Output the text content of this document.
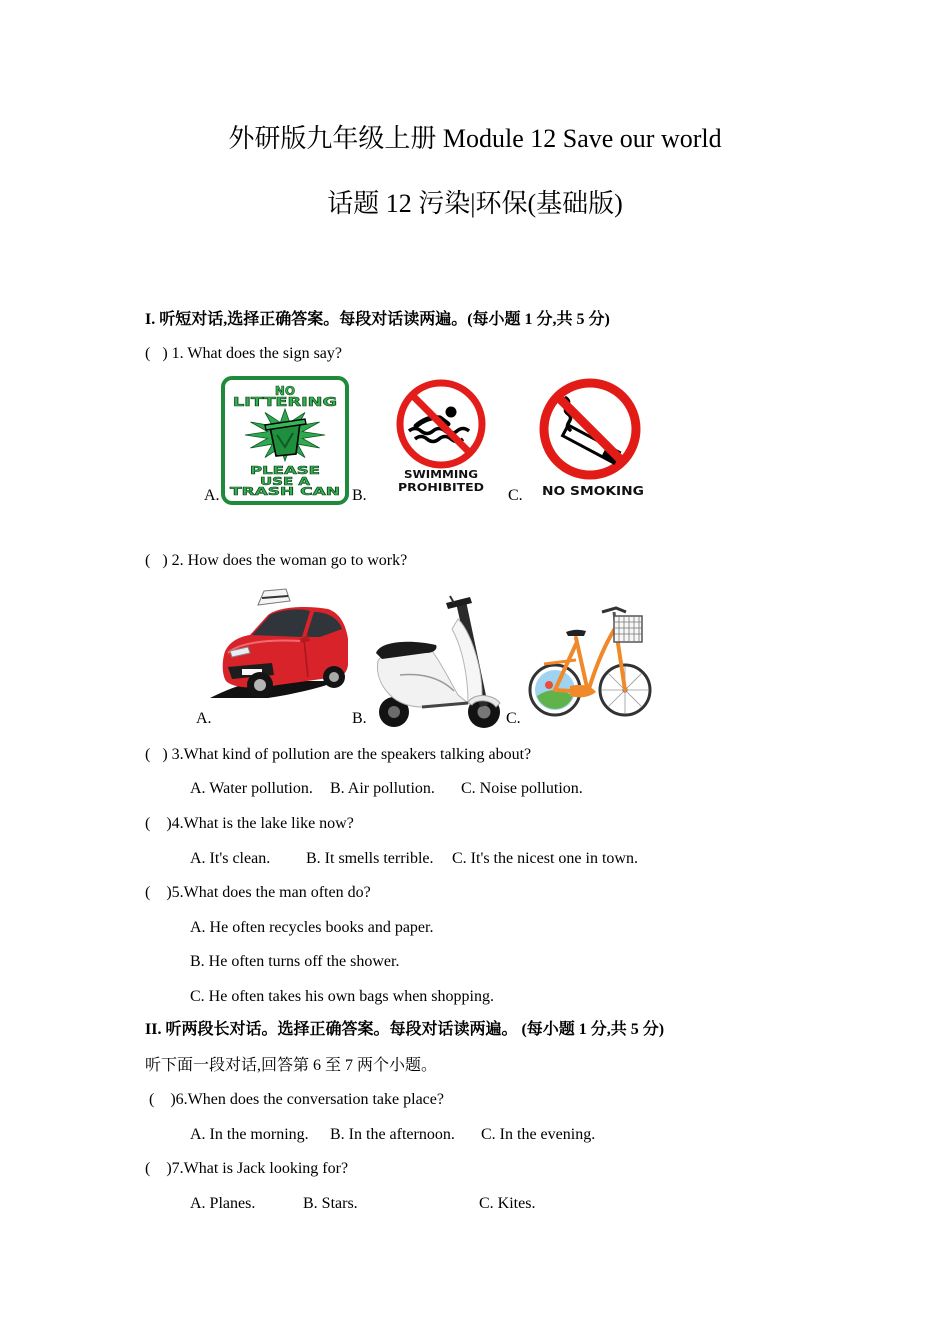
外研版九年级上册 Module 12 Save our world
话题 12 污染|环保(基础版)
I. 听短对话,选择正确答案。每段对话读两遍。(每小题 1 分,共 5 分)
(   ) 1. What does the sign say?
A.
NO
LITTERING
PLEASE
USE A
TRASH CAN B.
SWIMMING
PROHIBITED C. NO SMOKING
(   ) 2. How does the woman go to work?
A.	B.	C.
(   ) 3.What kind of pollution are the speakers talking about?
A. Water pollution. B. Air pollution. C. Noise pollution.
(    )4.What is the lake like now?
A. It's clean. B. It smells terrible. C. It's the nicest one in town.
(    )5.What does the man often do?
A. He often recycles books and paper.
B. He often turns off the shower.
C. He often takes his own bags when shopping.
II. 听两段长对话。选择正确答案。每段对话读两遍。 (每小题 1 分,共 5 分)
听下面一段对话,回答第 6 至 7 两个小题。
(    )6.When does the conversation take place?
A. In the morning. B. In the afternoon. C. In the evening.
(    )7.What is Jack looking for?
A. Planes.	B. Stars.	C. Kites.
